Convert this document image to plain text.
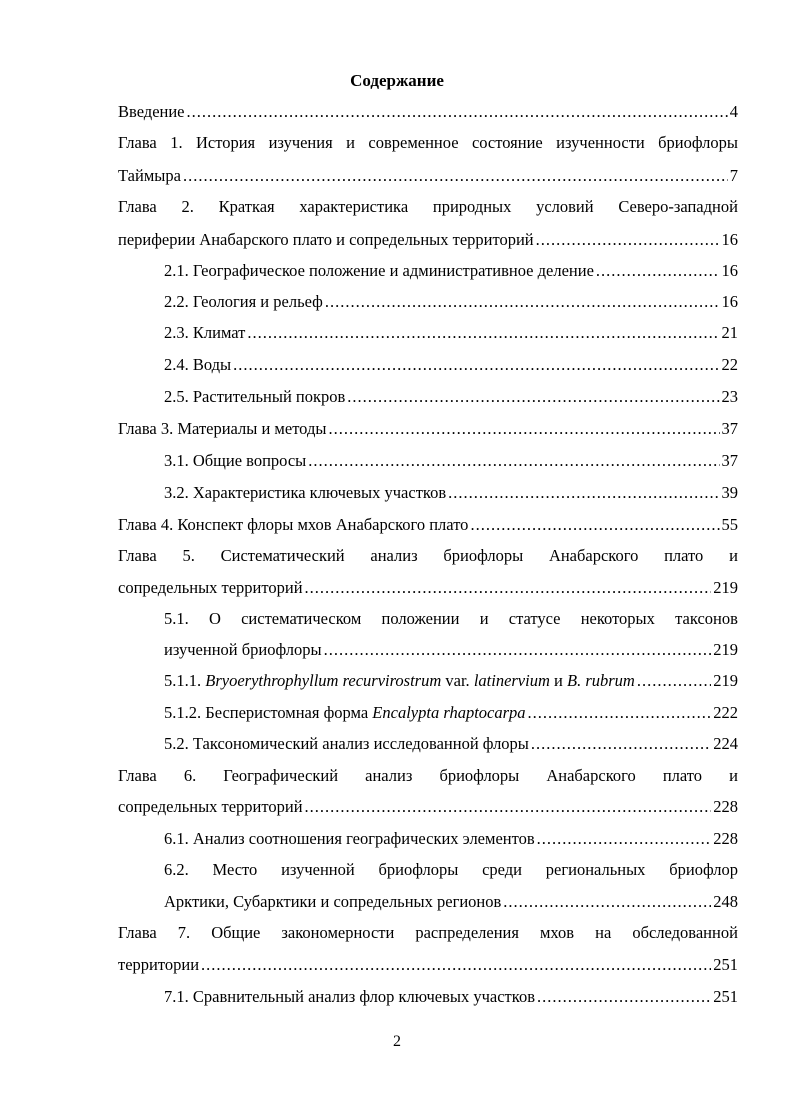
Содержание
Введение .....	4
Глава 1. История изучения и современное состояние изученности бриофлоры
Таймыра .....	7
Глава 2. Краткая характеристика природных условий Северо-западной
периферии Анабарского плато и сопредельных территорий .....	16
2.1. Географическое положение и административное деление .....	16
2.2. Геология и рельеф .....	16
2.3. Климат .....	21
2.4. Воды .....	22
2.5. Растительный покров .....	23
Глава 3. Материалы и методы .....	37
3.1. Общие вопросы .....	37
3.2. Характеристика ключевых участков .....	39
Глава 4. Конспект флоры мхов Анабарского плато .....	55
Глава 5. Систематический анализ бриофлоры Анабарского плато и
сопредельных территорий .....	219
5.1. О систематическом положении и статусе некоторых таксонов
изученной бриофлоры .....	219
5.1.1. Bryoerythrophyllum recurvirostrum var. latinervium и B. rubrum .....	219
5.1.2. Бесперистомная форма Encalypta rhaptocarpa .....	222
5.2. Таксономический анализ исследованной флоры .....	224
Глава 6. Географический анализ бриофлоры Анабарского плато и
сопредельных территорий .....	228
6.1. Анализ соотношения географических элементов .....	228
6.2. Место изученной бриофлоры среди региональных бриофлор
Арктики, Субарктики и сопредельных регионов .....	248
Глава 7. Общие закономерности распределения мхов на обследованной
территории .....	251
7.1. Сравнительный анализ флор ключевых участков .....	251
2
